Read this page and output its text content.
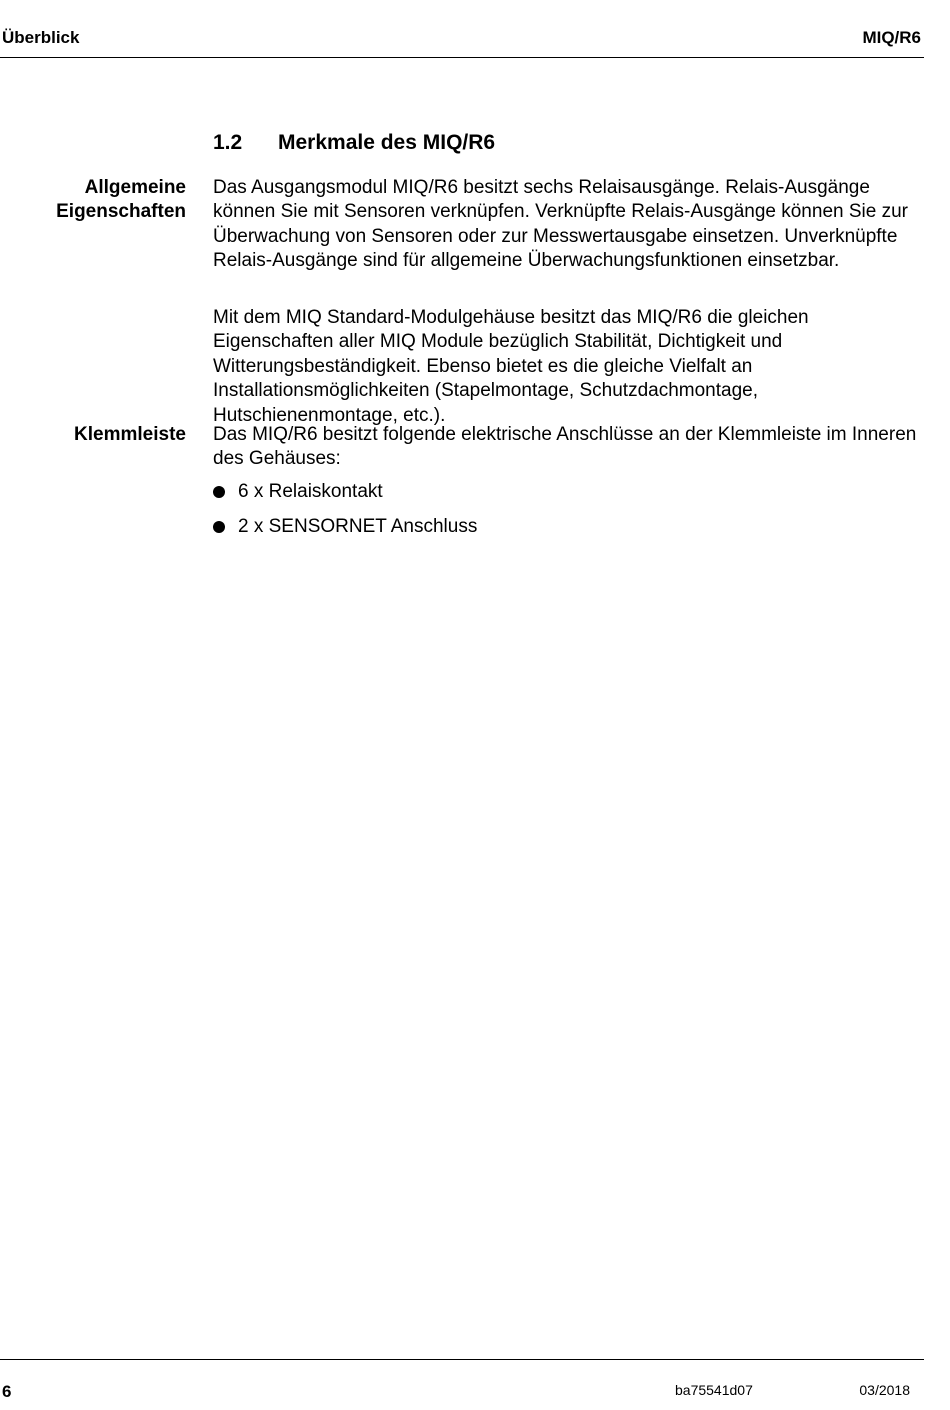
Überblick	MIQ/R6
1.2 Merkmale des MIQ/R6
Allgemeine
Eigenschaften

Das Ausgangsmodul MIQ/R6 besitzt sechs Relaisausgänge. Relais-Ausgänge können Sie mit Sensoren verknüpfen. Verknüpfte Relais-Ausgänge können Sie zur Überwachung von Sensoren oder zur Messwertausgabe einsetzen. Unverknüpfte Relais-Ausgänge sind für allgemeine Überwachungsfunktionen einsetzbar.

Mit dem MIQ Standard-Modulgehäuse besitzt das MIQ/R6 die gleichen Eigenschaften aller MIQ Module bezüglich Stabilität, Dichtigkeit und Witterungsbeständigkeit. Ebenso bietet es die gleiche Vielfalt an Installationsmöglichkeiten (Stapelmontage, Schutzdachmontage, Hutschienenmontage, etc.).

Klemmleiste Das MIQ/R6 besitzt folgende elektrische Anschlüsse an der Klemmleiste im Inneren des Gehäuses:

6 x Relaiskontakt
2 x SENSORNET Anschluss
6	ba75541d07	03/2018
